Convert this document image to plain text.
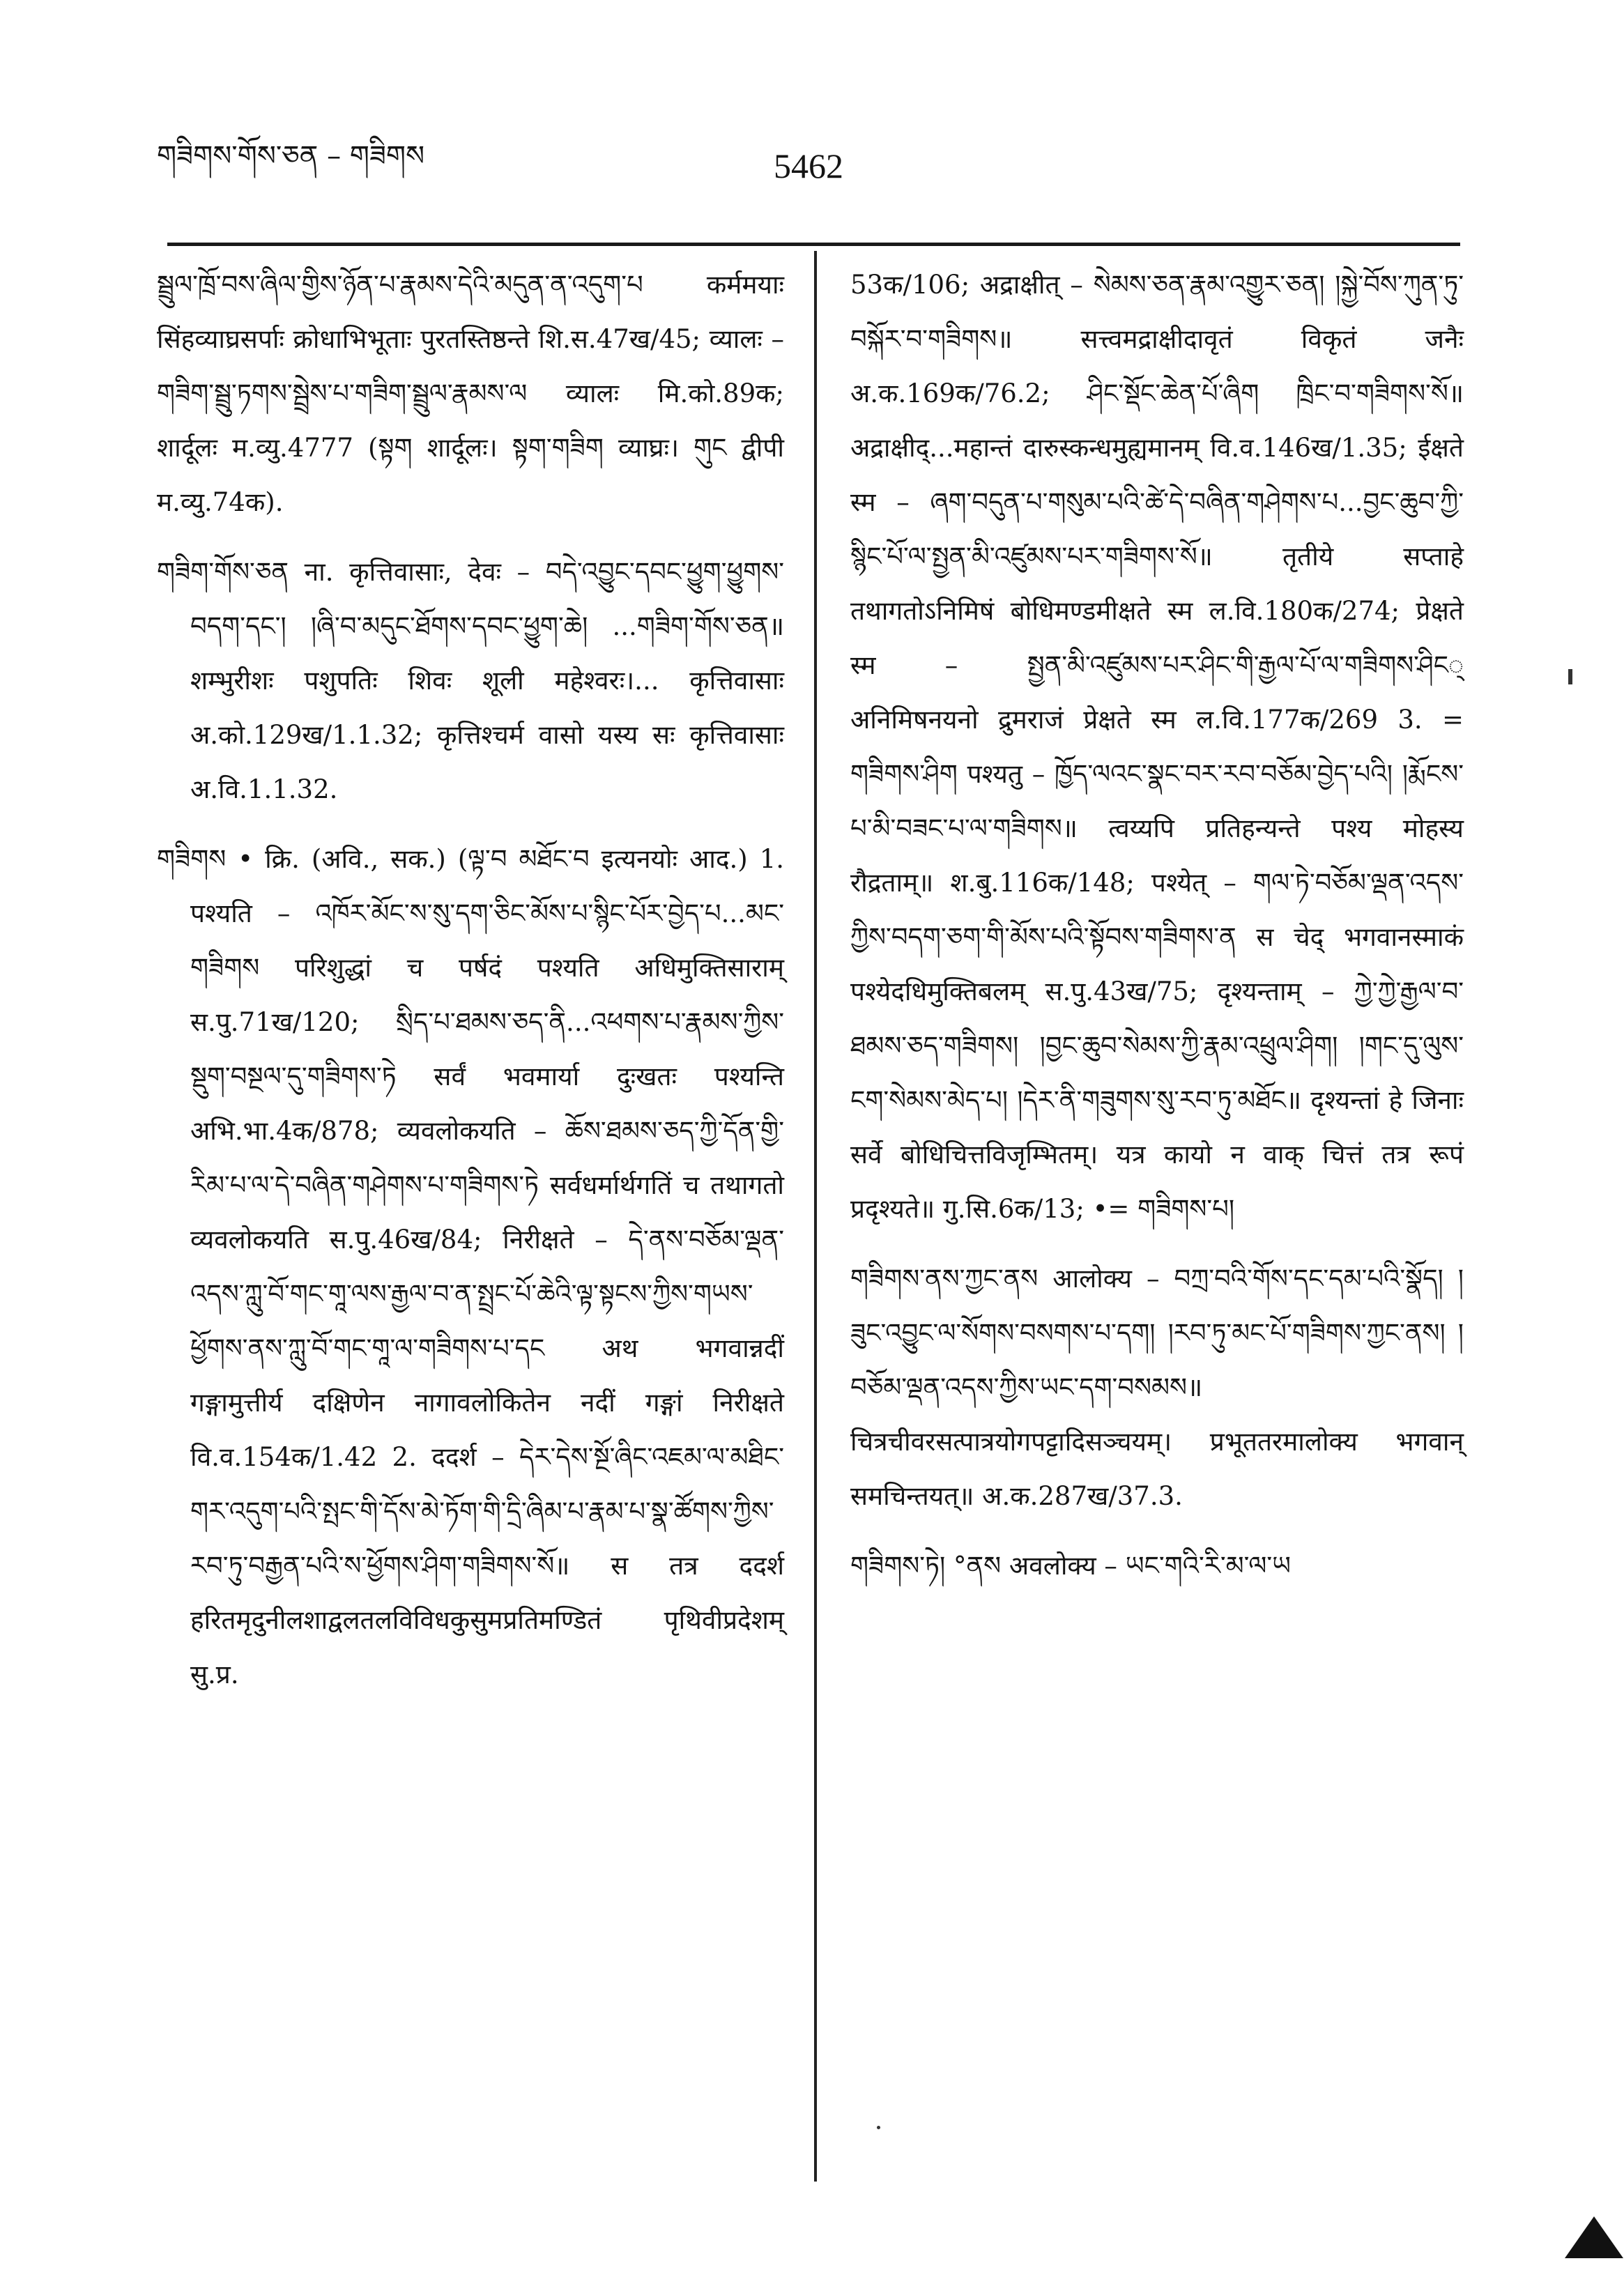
གཟིགས་གོས་ཅན – གཟིགས	5462

སྦྲུལ་ཁྲོ་བས་ཞིལ་གྱིས་ཉོན་པ་རྣམས་དེའི་མདུན་ན་འདུག་པ कर्ममयाः सिंहव्याघ्रसर्पाः क्रोधाभिभूताः पुरतस्तिष्ठन्ते शि.स.47ख/45; व्यालः – གཟིག་སྦྲུ་ཏགས་སྦྲེས་པ་གཟིག་སྦྲུལ་རྣམས་ལ व्यालः मि.को.89क; शार्दूलः म.व्यु.4777 (སྟག शार्दूलः। སྟག་གཟིག व्याघ्रः। གུང द्वीपी म.व्यु.74क).

གཟིག་གོས་ཅན ना. कृत्तिवासाः, देवः – བདེ་འབྱུང་དབང་ཕྱུག་ཕྱུགས་བདག་དང་། །ཞི་བ་མདུང་ཐོགས་དབང་ཕྱུག་ཆེ། ...གཟིག་གོས་ཅན॥ शम्भुरीशः पशुपतिः शिवः शूली महेश्वरः।... कृत्तिवासाः अ.को.129ख/1.1.32; कृत्तिश्चर्म वासो यस्य सः कृत्तिवासाः अ.वि.1.1.32.

གཟིགས • क्रि. (अवि., सक.) (ལྟ་བ མཐོང་བ इत्यनयोः आद.) 1. पश्यति – འཁོར་མོང་ས་སུ་དག་ཅིང་མོས་པ་སྙིང་པོར་བྱེད་པ...མང་གཟིགས परिशुद्धां च पर्षदं पश्यति अधिमुक्तिसाराम् स.पु.71ख/120; སྲིད་པ་ཐམས་ཅད་ནི...འཕགས་པ་རྣམས་ཀྱིས་སྡུག་བསྔལ་དུ་གཟིགས་ཏེ सर्वं भवमार्या दुःखतः पश्यन्ति अभि.भा.4क/878; व्यवलोकयति – ཆོས་ཐམས་ཅད་ཀྱི་དོན་གྱི་རིམ་པ་ལ་དེ་བཞིན་གཤེགས་པ་གཟིགས་ཏེ सर्वधर्मार्थगतिं च तथागतो व्यवलोकयति स.पु.46ख/84; निरीक्षते – དེ་ནས་བཅོམ་ལྡན་འདས་ཀླུ་བོ་གང་གཱ་ལས་རྒྱལ་བ་ན་སྤྲང་པོ་ཆེའི་ལྟ་སྟངས་ཀྱིས་གཡས་ཕྱོགས་ནས་ཀླུ་བོ་གང་གཱ་ལ་གཟིགས་པ་དང अथ भगवान्नदीं गङ्गामुत्तीर्य दक्षिणेन नागावलोकितेन नदीं गङ्गां निरीक्षते वि.व.154क/1.42 2. ददर्श – དེར་དེས་སྔོ་ཞིང་འཇམ་ལ་མཐིང་གར་འདུག་པའི་སྤང་གི་དོས་མེ་ཏོག་གི་དྲི་ཞིམ་པ་རྣམ་པ་སྣ་ཚོགས་ཀྱིས་རབ་ཏུ་བརྒྱན་པའི་ས་ཕྱོགས་ཤིག་གཟིགས་སོ॥ स तत्र ददर्श हरितमृदुनीलशाद्वलतलविविधकुसुमप्रतिमण्डितं पृथिवीप्रदेशम् सु.प्र.

53क/106; अद्राक्षीत् – སེམས་ཅན་རྣམ་འགྱུར་ཅན། །སྐྱེ་བོས་ཀུན་ཏུ་བསྐོར་བ་གཟིགས॥ सत्त्वमद्राक्षीदावृतं विकृतं जनैः अ.क.169क/76.2; ཤིང་སྡོང་ཆེན་པོ་ཞིག ཁྲིང་བ་གཟིགས་སོ॥ अद्राक्षीद्...महान्तं दारुस्कन्धमुह्यमानम् वि.व.146ख/1.35; ईक्षते स्म – ཞག་བདུན་པ་གསུམ་པའི་ཚེ་དེ་བཞིན་གཤེགས་པ...བྱང་ཆུབ་ཀྱི་སྙིང་པོ་ལ་སྤྱན་མི་འཛུམས་པར་གཟིགས་སོ॥ तृतीये सप्ताहे तथागतोऽनिमिषं बोधिमण्डमीक्षते स्म ल.वि.180क/274; प्रेक्षते स्म – སྤྱན་མི་འཛུམས་པར་ཤིང་གི་རྒྱལ་པོ་ལ་གཟིགས་ཤིང् अनिमिषनयनो द्रुमराजं प्रेक्षते स्म ल.वि.177क/269 3. = གཟིགས་ཤིག पश्यतु – ཁྱོད་ལའང་སྣང་བར་རབ་བཅོམ་བྱེད་པའི། །རྨོངས་པ་མི་བཟང་པ་ལ་གཟིགས॥ त्वय्यपि प्रतिहन्यन्ते पश्य मोहस्य रौद्रताम्॥ श.बु.116क/148; पश्येत् – གལ་ཏེ་བཅོམ་ལྡན་འདས་ཀྱིས་བདག་ཅག་གི་མོས་པའི་སྟོབས་གཟིགས་ན स चेद् भगवानस्माकं पश्येदधिमुक्तिबलम् स.पु.43ख/75; दृश्यन्ताम् – ཀྱེ་ཀྱེ་རྒྱལ་བ་ཐམས་ཅད་གཟིགས། །བྱང་ཆུབ་སེམས་ཀྱི་རྣམ་འཕྲུལ་ཤིག། །གང་དུ་ལུས་ངག་སེམས་མེད་པ། །དེར་ནི་གཟུགས་སུ་རབ་ཏུ་མཐོང॥ दृश्यन्तां हे जिनाः सर्वे बोधिचित्तविजृम्भितम्। यत्र कायो न वाक् चित्तं तत्र रूपं प्रदृश्यते॥ गु.सि.6क/13; •= གཟིགས་པ།

གཟིགས་ནས་ཀྱང་ནས आलोक्य – བཀྲ་བའི་གོས་དང་དམ་པའི་སྣོད། །ཟུང་འབྱུང་ལ་སོགས་བསགས་པ་དག། །རབ་ཏུ་མང་པོ་གཟིགས་ཀྱང་ནས། །བཅོམ་ལྡན་འདས་ཀྱིས་ཡང་དག་བསམས॥ चित्रचीवरसत्पात्रयोगपट्टादिसञ्चयम्। प्रभूततरमालोक्य भगवान् समचिन्तयत्॥ अ.क.287ख/37.3.

གཟིགས་ཏེ། °ནས अवलोक्य – ཡང་གའི་རི་མ་ལ་ཡ
